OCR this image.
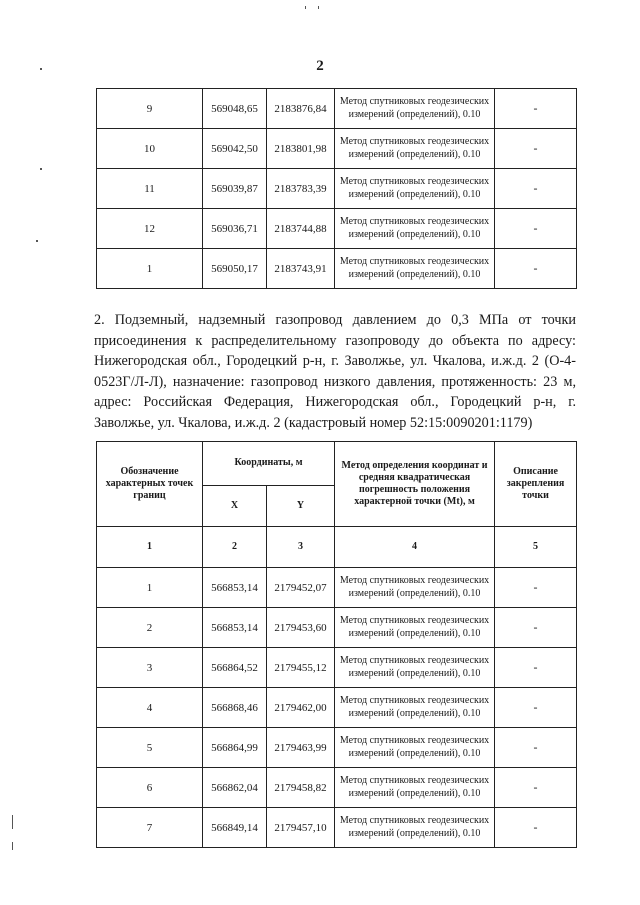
2
9	569048,65	2183876,84	Метод спутниковых геодезических измерений (определений), 0.10	-
10	569042,50	2183801,98	Метод спутниковых геодезических измерений (определений), 0.10	-
11	569039,87	2183783,39	Метод спутниковых геодезических измерений (определений), 0.10	-
12	569036,71	2183744,88	Метод спутниковых геодезических измерений (определений), 0.10	-
1	569050,17	2183743,91	Метод спутниковых геодезических измерений (определений), 0.10	-

2. Подземный, надземный газопровод давлением до 0,3 МПа от точки присоединения к распределительному газопроводу до объекта по адресу: Нижегородская обл., Городецкий р-н, г. Заволжье, ул. Чкалова, и.ж.д. 2 (О-4-0523Г/Л-Л), назначение: газопровод низкого давления, протяженность: 23 м, адрес: Российская Федерация, Нижегородская обл., Городецкий р-н, г. Заволжье, ул. Чкалова, и.ж.д. 2 (кадастровый номер 52:15:0090201:1179)

Обозначение характерных точек границ	Координаты, м		Метод определения координат и средняя квадратическая погрешность положения характерной точки (Mt), м	Описание закрепления точки
	X	Y		
1	2	3	4	5
1	566853,14	2179452,07	Метод спутниковых геодезических измерений (определений), 0.10	-
2	566853,14	2179453,60	Метод спутниковых геодезических измерений (определений), 0.10	-
3	566864,52	2179455,12	Метод спутниковых геодезических измерений (определений), 0.10	-
4	566868,46	2179462,00	Метод спутниковых геодезических измерений (определений), 0.10	-
5	566864,99	2179463,99	Метод спутниковых геодезических измерений (определений), 0.10	-
6	566862,04	2179458,82	Метод спутниковых геодезических измерений (определений), 0.10	-
7	566849,14	2179457,10	Метод спутниковых геодезических измерений (определений), 0.10	-
